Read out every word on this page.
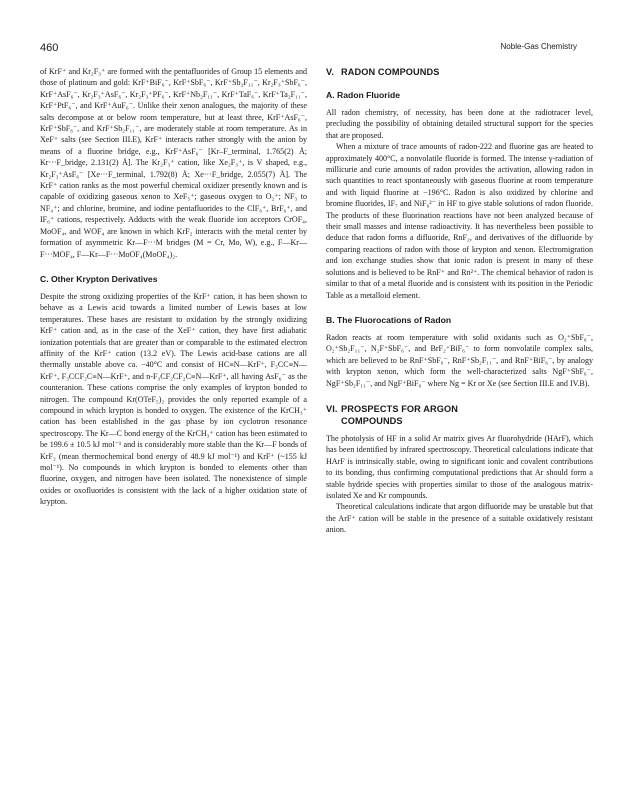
460	Noble-Gas Chemistry

of KrF⁺ and Kr₂F₃⁺ are formed with the pentafluorides of Group 15 elements and those of platinum and gold: KrF⁺BiF₆⁻, KrF⁺SbF₆⁻, KrF⁺Sb₂F₁₁⁻, Kr₂F₃⁺SbF₆⁻, KrF⁺AsF₆⁻, Kr₂F₃⁺AsF₆⁻, Kr₂F₃⁺PF₆⁻, KrF⁺Nb₂F₁₁⁻, KrF⁺TaF₆⁻, KrF⁺Ta₂F₁₁⁻, KrF⁺PtF₆⁻, and KrF⁺AuF₆⁻. Unlike their xenon analogues, the majority of these salts decompose at or below room temperature, but at least three, KrF⁺AsF₆⁻, KrF⁺SbF₆⁻, and KrF⁺Sb₂F₁₁⁻, are moderately stable at room temperature. As in XeF⁺ salts (see Section III.E), KrF⁺ interacts rather strongly with the anion by means of a fluorine bridge, e.g., KrF⁺AsF₆⁻ [Kr–F_terminal, 1.765(2) Å; Kr···F_bridge, 2.131(2) Å]. The Kr₂F₃⁺ cation, like Xe₂F₃⁺, is V shaped, e.g., Kr₂F₃⁺AsF₆⁻ [Xe···F_terminal, 1.792(8) Å; Xe···F_bridge, 2.055(7) Å]. The KrF⁺ cation ranks as the most powerful chemical oxidizer presently known and is capable of oxidizing gaseous xenon to XeF₅⁺; gaseous oxygen to O₂⁺; NF₃ to NF₄⁺; and chlorine, bromine, and iodine pentafluorides to the ClF₆⁺, BrF₆⁺, and IF₆⁺ cations, respectively. Adducts with the weak fluoride ion acceptors CrOF₄, MoOF₄, and WOF₄ are known in which KrF₂ interacts with the metal center by formation of asymmetric Kr—F···M bridges (M = Cr, Mo, W), e.g., F—Kr—F···MOF₄, F—Kr—F···MoOF₄(MoOF₄)₂.

C. Other Krypton Derivatives

Despite the strong oxidizing properties of the KrF⁺ cation, it has been shown to behave as a Lewis acid towards a limited number of Lewis bases at low temperatures. These bases are resistant to oxidation by the strongly oxidizing KrF⁺ cation and, as in the case of the XeF⁺ cation, they have first adiabatic ionization potentials that are greater than or comparable to the estimated electron affinity of the KrF⁺ cation (13.2 eV). The Lewis acid-base cations are all thermally unstable above ca. −40°C and consist of HC≡N—KrF⁺, F₃CC≡N—KrF⁺, F₃CCF₂C≡N—KrF⁺, and n-F₃CF₂CF₂C≡N—KrF⁺, all having AsF₆⁻ as the counteranion. These cations comprise the only examples of krypton bonded to nitrogen. The compound Kr(OTeF₅)₂ provides the only reported example of a compound in which krypton is bonded to oxygen. The existence of the KrCH₃⁺ cation has been established in the gas phase by ion cyclotron resonance spectroscopy. The Kr—C bond energy of the KrCH₃⁺ cation has been estimated to be 199.6 ± 10.5 kJ mol⁻¹ and is considerably more stable than the Kr—F bonds of KrF₂ (mean thermochemical bond energy of 48.9 kJ mol⁻¹) and KrF⁺ (~155 kJ mol⁻¹). No compounds in which krypton is bonded to elements other than fluorine, oxygen, and nitrogen have been isolated. The nonexistence of simple oxides or oxofluorides is consistent with the lack of a higher oxidation state of krypton.

V. RADON COMPOUNDS
A. Radon Fluoride

All radon chemistry, of necessity, has been done at the radiotracer level, precluding the possibility of obtaining detailed structural support for the species that are proposed.

When a mixture of trace amounts of radon-222 and fluorine gas are heated to approximately 400°C, a nonvolatile fluoride is formed. The intense γ-radiation of millicurie and curie amounts of radon provides the activation, allowing radon in such quantities to react spontaneously with gaseous fluorine at room temperature and with liquid fluorine at −196°C. Radon is also oxidized by chlorine and bromine fluorides, IF₇ and NiF₆²⁻ in HF to give stable solutions of radon fluoride. The products of these fluorination reactions have not been analyzed because of their small masses and intense radioactivity. It has nevertheless been possible to deduce that radon forms a difluoride, RnF₂, and derivatives of the difluoride by comparing reactions of radon with those of krypton and xenon. Electromigration and ion exchange studies show that ionic radon is present in many of these solutions and is believed to be RnF⁺ and Rn²⁺. The chemical behavior of radon is similar to that of a metal fluoride and is consistent with its position in the Periodic Table as a metalloid element.

B. The Fluorocations of Radon

Radon reacts at room temperature with solid oxidants such as O₂⁺SbF₆⁻, O₂⁺Sb₂F₁₁⁻, N₂F⁺SbF₆⁻, and BrF₂⁺BiF₆⁻ to form nonvolatile complex salts, which are believed to be RnF⁺SbF₆⁻, RnF⁺Sb₂F₁₁⁻, and RnF⁺BiF₆⁻, by analogy with krypton xenon, which form the well-characterized salts NgF⁺SbF₆⁻, NgF⁺Sb₂F₁₁⁻, and NgF⁺BiF₆⁻ where Ng = Kr or Xe (see Section III.E and IV.B).

VI. PROSPECTS FOR ARGON
COMPOUNDS

The photolysis of HF in a solid Ar matrix gives Ar fluorohydride (HArF), which has been identified by infrared spectroscopy. Theoretical calculations indicate that HArF is intrinsically stable, owing to significant ionic and covalent contributions to its bonding, thus confirming computational predictions that Ar should form a stable hydride species with properties similar to those of the analogous matrix-isolated Xe and Kr compounds.

Theoretical calculations indicate that argon difluoride may be unstable but that the ArF⁺ cation will be stable in the presence of a suitable oxidatively resistant anion.
